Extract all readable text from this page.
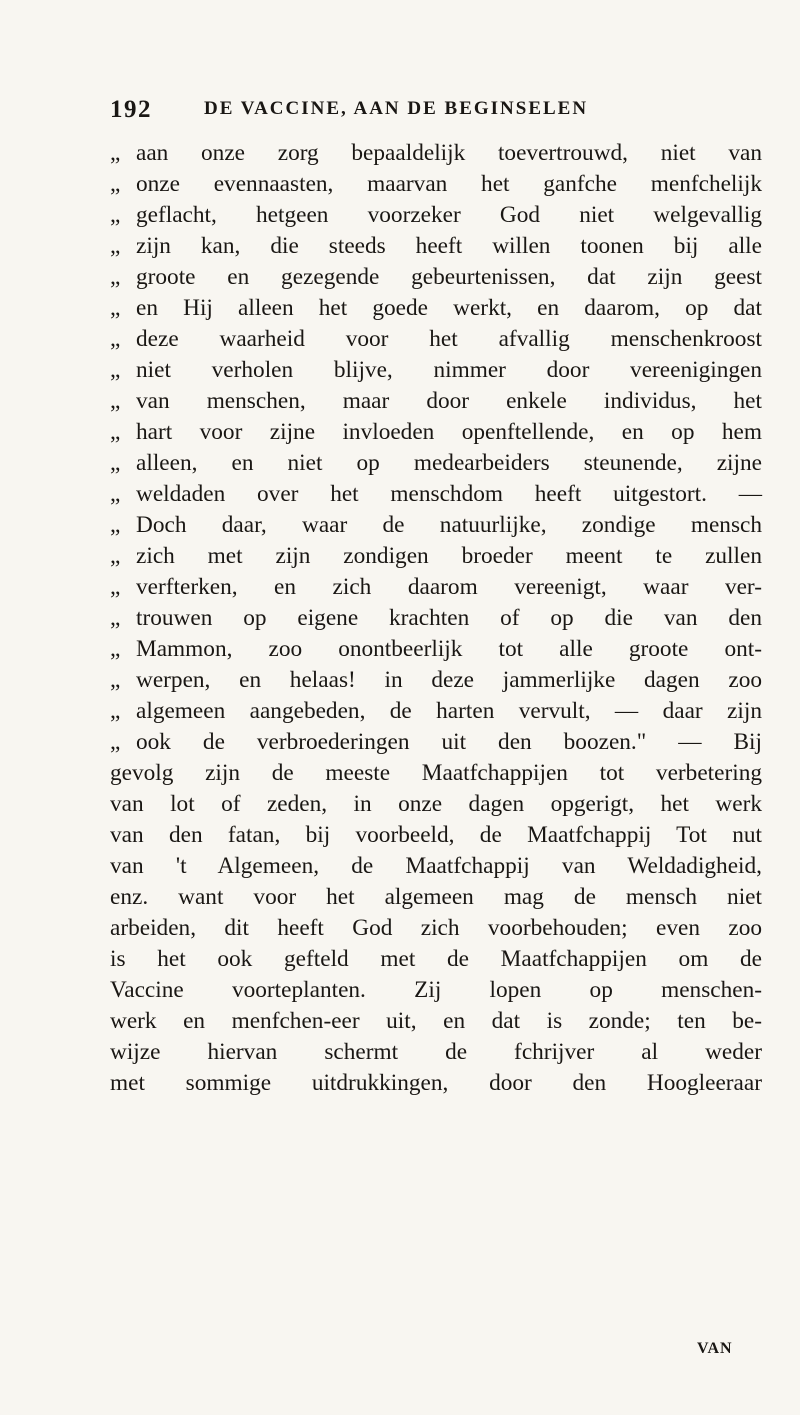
192	DE VACCINE, AAN DE BEGINSELEN
„ aan onze zorg bepaaldelijk toevertrouwd, niet van
„ onze evennaasten, maarvan het ganfche menfchelijk
„ geflacht, hetgeen voorzeker God niet welgevallig
„ zijn kan, die steeds heeft willen toonen bij alle
„ groote en gezegende gebeurtenissen, dat zijn geest
„ en Hij alleen het goede werkt, en daarom, op dat
„ deze waarheid voor het afvallig menschenkroost
„ niet verholen blijve, nimmer door vereenigingen
„ van menschen, maar door enkele individus, het
„ hart voor zijne invloeden openftellende, en op hem
„ alleen, en niet op medearbeiders steunende, zijne
„ weldaden over het menschdom heeft uitgestort. —
„ Doch daar, waar de natuurlijke, zondige mensch
„ zich met zijn zondigen broeder meent te zullen
„ verfterken, en zich daarom vereenigt, waar ver-
„ trouwen op eigene krachten of op die van den
„ Mammon, zoo onontbeerlijk tot alle groote ont-
„ werpen, en helaas! in deze jammerlijke dagen zoo
„ algemeen aangebeden, de harten vervult, — daar zijn
„ ook de verbroederingen uit den boozen." — Bij
gevolg zijn de meeste Maatfchappijen tot verbetering
van lot of zeden, in onze dagen opgerigt, het werk
van den fatan, bij voorbeeld, de Maatfchappij Tot nut
van 't Algemeen, de Maatfchappij van Weldadigheid,
enz. want voor het algemeen mag de mensch niet
arbeiden, dit heeft God zich voorbehouden; even zoo
is het ook gefteld met de Maatfchappijen om de
Vaccine voorteplanten. Zij lopen op menschen-
werk en menfchen-eer uit, en dat is zonde; ten be-
wijze hiervan schermt de fchrijver al weder
met sommige uitdrukkingen, door den Hoogleeraar
VAN
